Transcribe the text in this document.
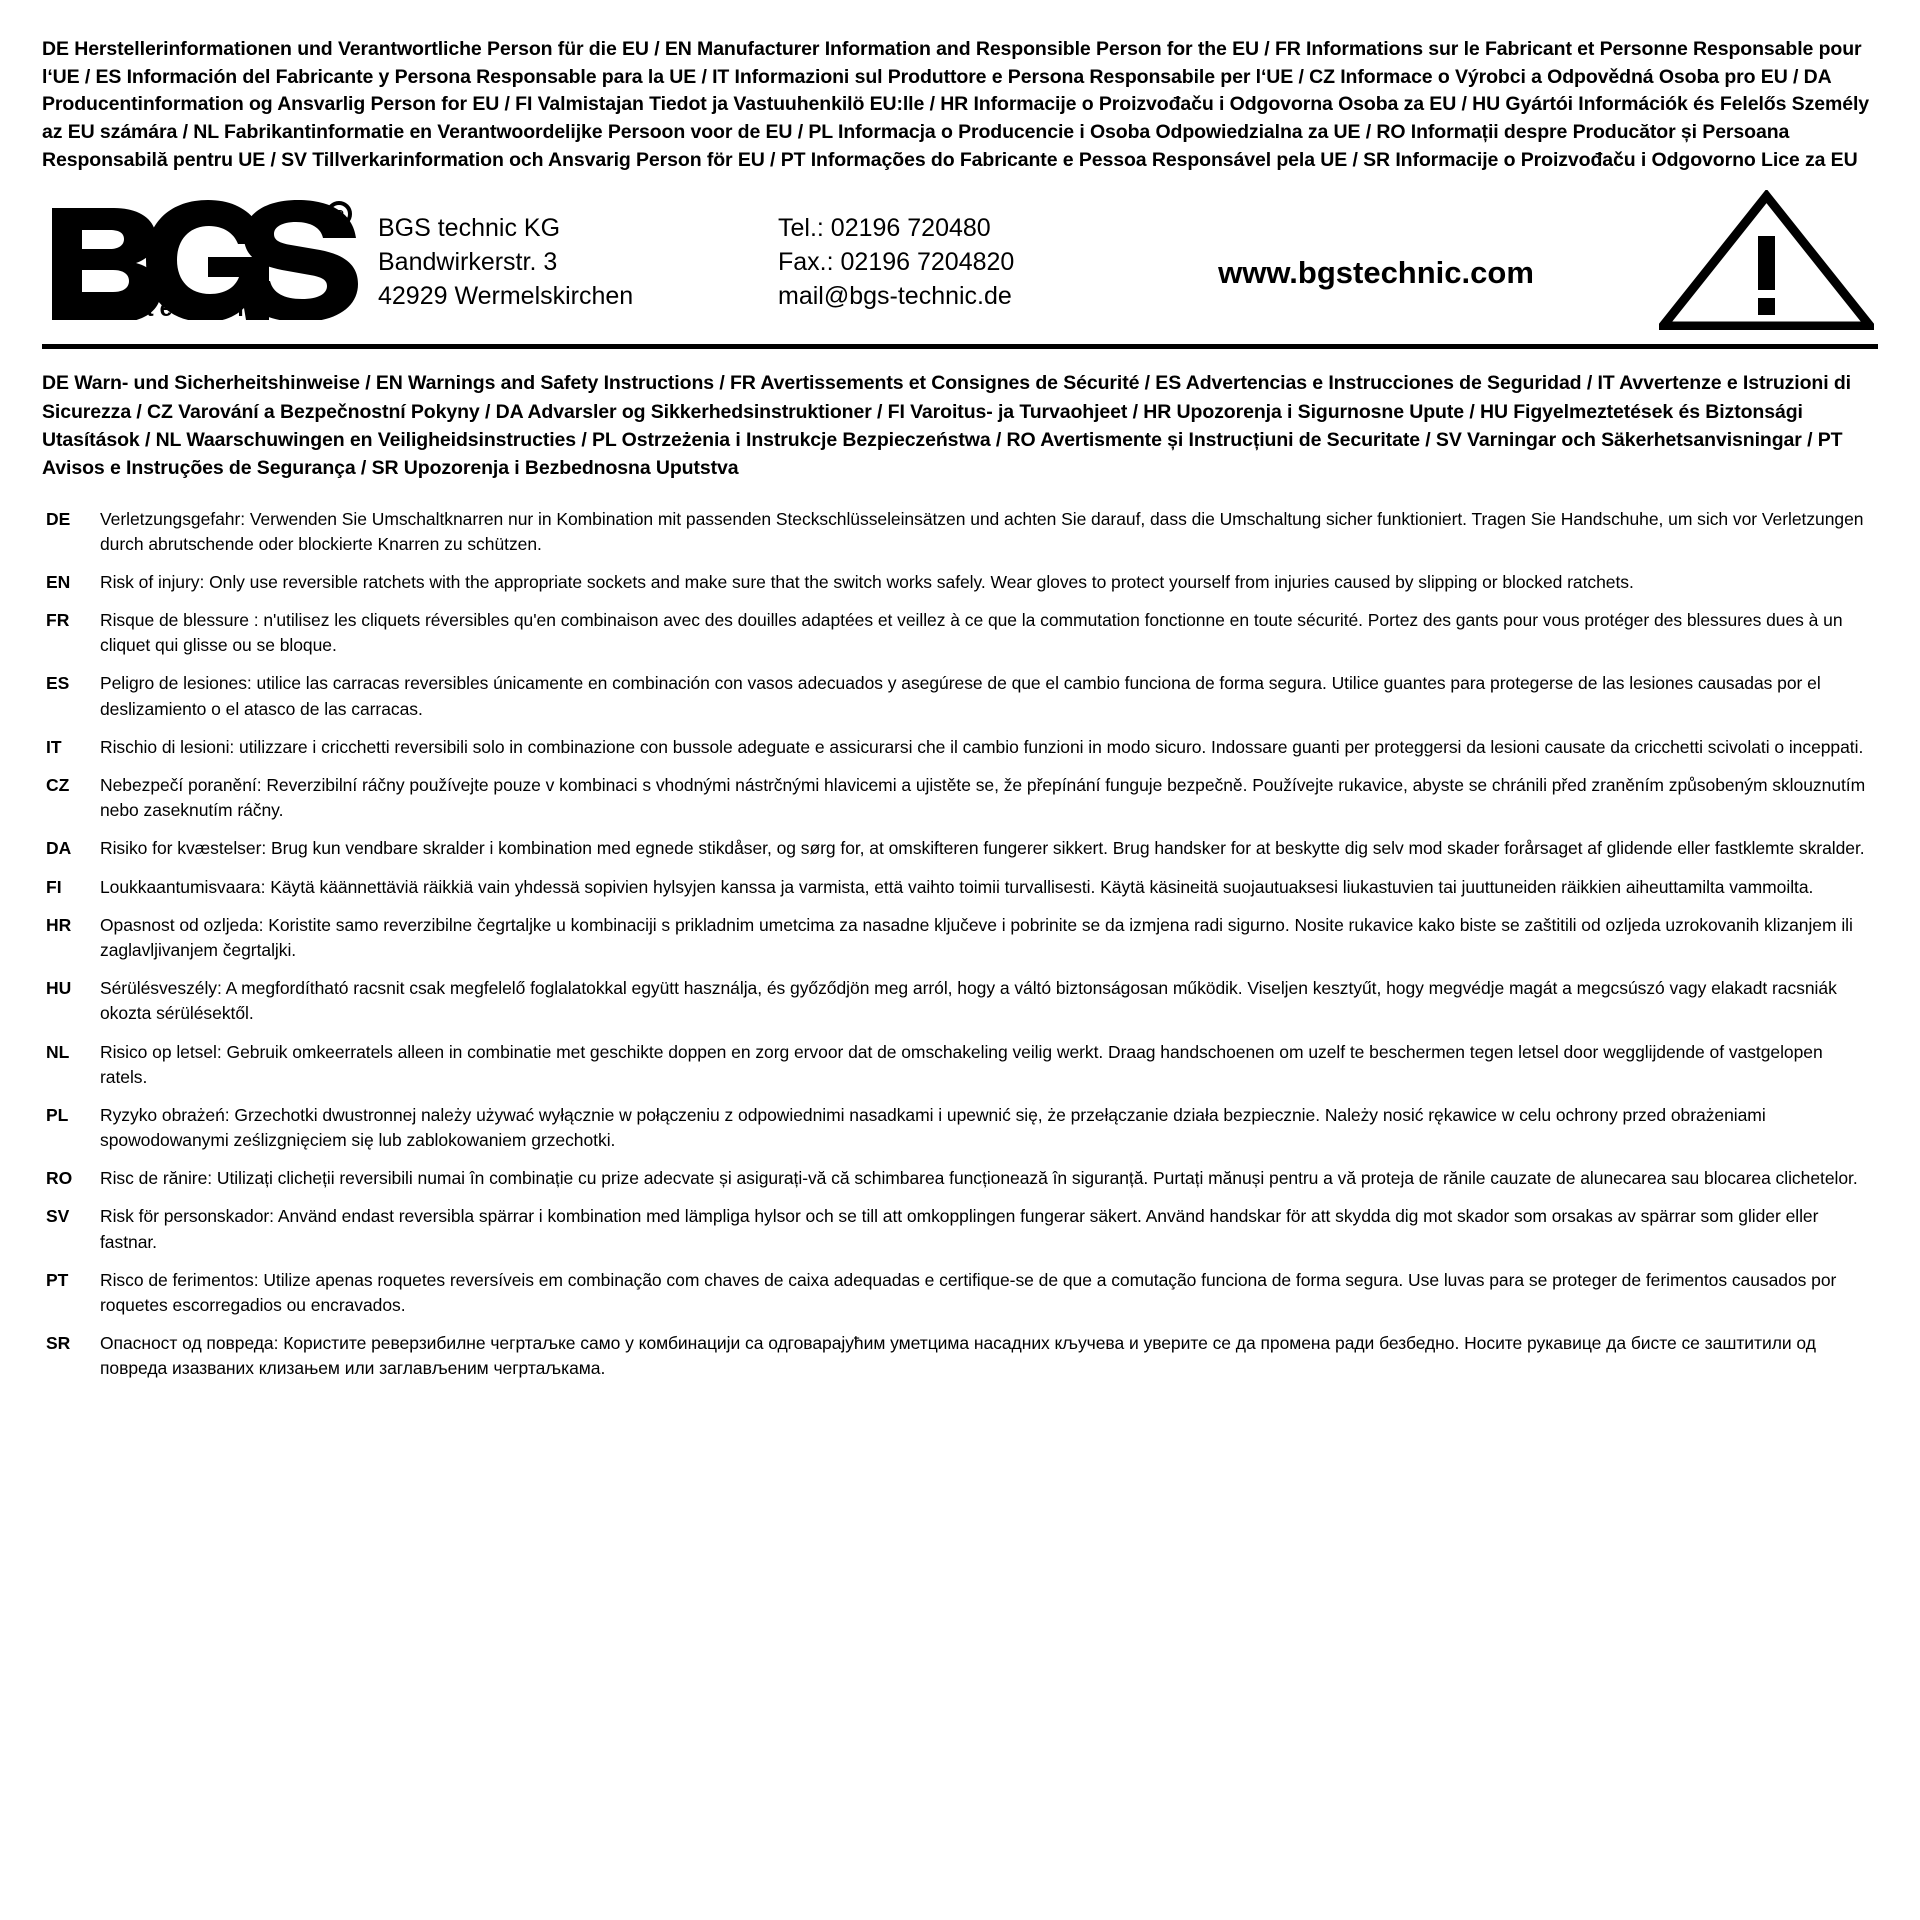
DE Herstellerinformationen und Verantwortliche Person für die EU / EN Manufacturer Information and Responsible Person for the EU / FR Informations sur le Fabricant et Personne Responsable pour l‘UE / ES Información del Fabricante y Persona Responsable para la UE / IT Informazioni sul Produttore e Persona Responsabile per l‘UE / CZ Informace o Výrobci a Odpovědná Osoba pro EU / DA Producentinformation og Ansvarlig Person for EU / FI Valmistajan Tiedot ja Vastuuhenkilö EU:lle / HR Informacije o Proizvođaču i Odgovorna Osoba za EU / HU Gyártói Információk és Felelős Személy az EU számára / NL Fabrikantinformatie en Verantwoordelijke Persoon voor de EU / PL Informacja o Producencie i Osoba Odpowiedzialna za UE / RO Informații despre Producător și Persoana Responsabilă pentru UE / SV Tillverkarinformation och Ansvarig Person för EU / PT Informações do Fabricante e Pessoa Responsável pela UE / SR Informacije o Proizvođaču i Odgovorno Lice za EU
R
technic
BGS technic KG
Bandwirkerstr. 3
42929 Wermelskirchen
Tel.: 02196 720480
Fax.: 02196 7204820
mail@bgs-technic.de
www.bgstechnic.com
DE Warn- und Sicherheitshinweise / EN Warnings and Safety Instructions / FR Avertissements et Consignes de Sécurité / ES Advertencias e Instrucciones de Seguridad / IT Avvertenze e Istruzioni di Sicurezza / CZ Varování a Bezpečnostní Pokyny / DA Advarsler og Sikkerhedsinstruktioner / FI Varoitus- ja Turvaohjeet / HR Upozorenja i Sigurnosne Upute / HU Figyelmeztetések és Biztonsági Utasítások / NL Waarschuwingen en Veiligheidsinstructies / PL Ostrzeżenia i Instrukcje Bezpieczeństwa / RO Avertismente și Instrucțiuni de Securitate / SV Varningar och Säkerhetsanvisningar / PT Avisos e Instruções de Segurança / SR Upozorenja i Bezbednosna Uputstva
DE	Verletzungsgefahr: Verwenden Sie Umschaltknarren nur in Kombination mit passenden Steckschlüsseleinsätzen und achten Sie darauf, dass die Umschaltung sicher funktioniert. Tragen Sie Handschuhe, um sich vor Verletzungen durch abrutschende oder blockierte Knarren zu schützen.
EN	Risk of injury: Only use reversible ratchets with the appropriate sockets and make sure that the switch works safely. Wear gloves to protect yourself from injuries caused by slipping or blocked ratchets.
FR	Risque de blessure : n'utilisez les cliquets réversibles qu'en combinaison avec des douilles adaptées et veillez à ce que la commutation fonctionne en toute sécurité. Portez des gants pour vous protéger des blessures dues à un cliquet qui glisse ou se bloque.
ES	Peligro de lesiones: utilice las carracas reversibles únicamente en combinación con vasos adecuados y asegúrese de que el cambio funciona de forma segura. Utilice guantes para protegerse de las lesiones causadas por el deslizamiento o el atasco de las carracas.
IT	Rischio di lesioni: utilizzare i cricchetti reversibili solo in combinazione con bussole adeguate e assicurarsi che il cambio funzioni in modo sicuro. Indossare guanti per proteggersi da lesioni causate da cricchetti scivolati o inceppati.
CZ	Nebezpečí poranění: Reverzibilní ráčny používejte pouze v kombinaci s vhodnými nástrčnými hlavicemi a ujistěte se, že přepínání funguje bezpečně. Používejte rukavice, abyste se chránili před zraněním způsobeným sklouznutím nebo zaseknutím ráčny.
DA	Risiko for kvæstelser: Brug kun vendbare skralder i kombination med egnede stikdåser, og sørg for, at omskifteren fungerer sikkert. Brug handsker for at beskytte dig selv mod skader forårsaget af glidende eller fastklemte skralder.
FI	Loukkaantumisvaara: Käytä käännettäviä räikkiä vain yhdessä sopivien hylsyjen kanssa ja varmista, että vaihto toimii turvallisesti. Käytä käsineitä suojautuaksesi liukastuvien tai juuttuneiden räikkien aiheuttamilta vammoilta.
HR	Opasnost od ozljeda: Koristite samo reverzibilne čegrtaljke u kombinaciji s prikladnim umetcima za nasadne ključeve i pobrinite se da izmjena radi sigurno. Nosite rukavice kako biste se zaštitili od ozljeda uzrokovanih klizanjem ili zaglavljivanjem čegrtaljki.
HU	Sérülésveszély: A megfordítható racsnit csak megfelelő foglalatokkal együtt használja, és győződjön meg arról, hogy a váltó biztonságosan működik. Viseljen kesztyűt, hogy megvédje magát a megcsúszó vagy elakadt racsniák okozta sérülésektől.
NL	Risico op letsel: Gebruik omkeerratels alleen in combinatie met geschikte doppen en zorg ervoor dat de omschakeling veilig werkt. Draag handschoenen om uzelf te beschermen tegen letsel door wegglijdende of vastgelopen ratels.
PL	Ryzyko obrażeń: Grzechotki dwustronnej należy używać wyłącznie w połączeniu z odpowiednimi nasadkami i upewnić się, że przełączanie działa bezpiecznie. Należy nosić rękawice w celu ochrony przed obrażeniami spowodowanymi ześlizgnięciem się lub zablokowaniem grzechotki.
RO	Risc de rănire: Utilizați clicheții reversibili numai în combinație cu prize adecvate și asigurați-vă că schimbarea funcționează în siguranță. Purtați mănuși pentru a vă proteja de rănile cauzate de alunecarea sau blocarea clichetelor.
SV	Risk för personskador: Använd endast reversibla spärrar i kombination med lämpliga hylsor och se till att omkopplingen fungerar säkert. Använd handskar för att skydda dig mot skador som orsakas av spärrar som glider eller fastnar.
PT	Risco de ferimentos: Utilize apenas roquetes reversíveis em combinação com chaves de caixa adequadas e certifique-se de que a comutação funciona de forma segura. Use luvas para se proteger de ferimentos causados por roquetes escorregadios ou encravados.
SR	Опасност од повреда: Користите реверзибилне чегртаљке само у комбинацији са одговарајућим уметцима насадних кључева и уверите се да промена ради безбедно. Носите рукавице да бисте се заштитили од повреда изазваних клизањем или заглављеним чегртаљкама.
